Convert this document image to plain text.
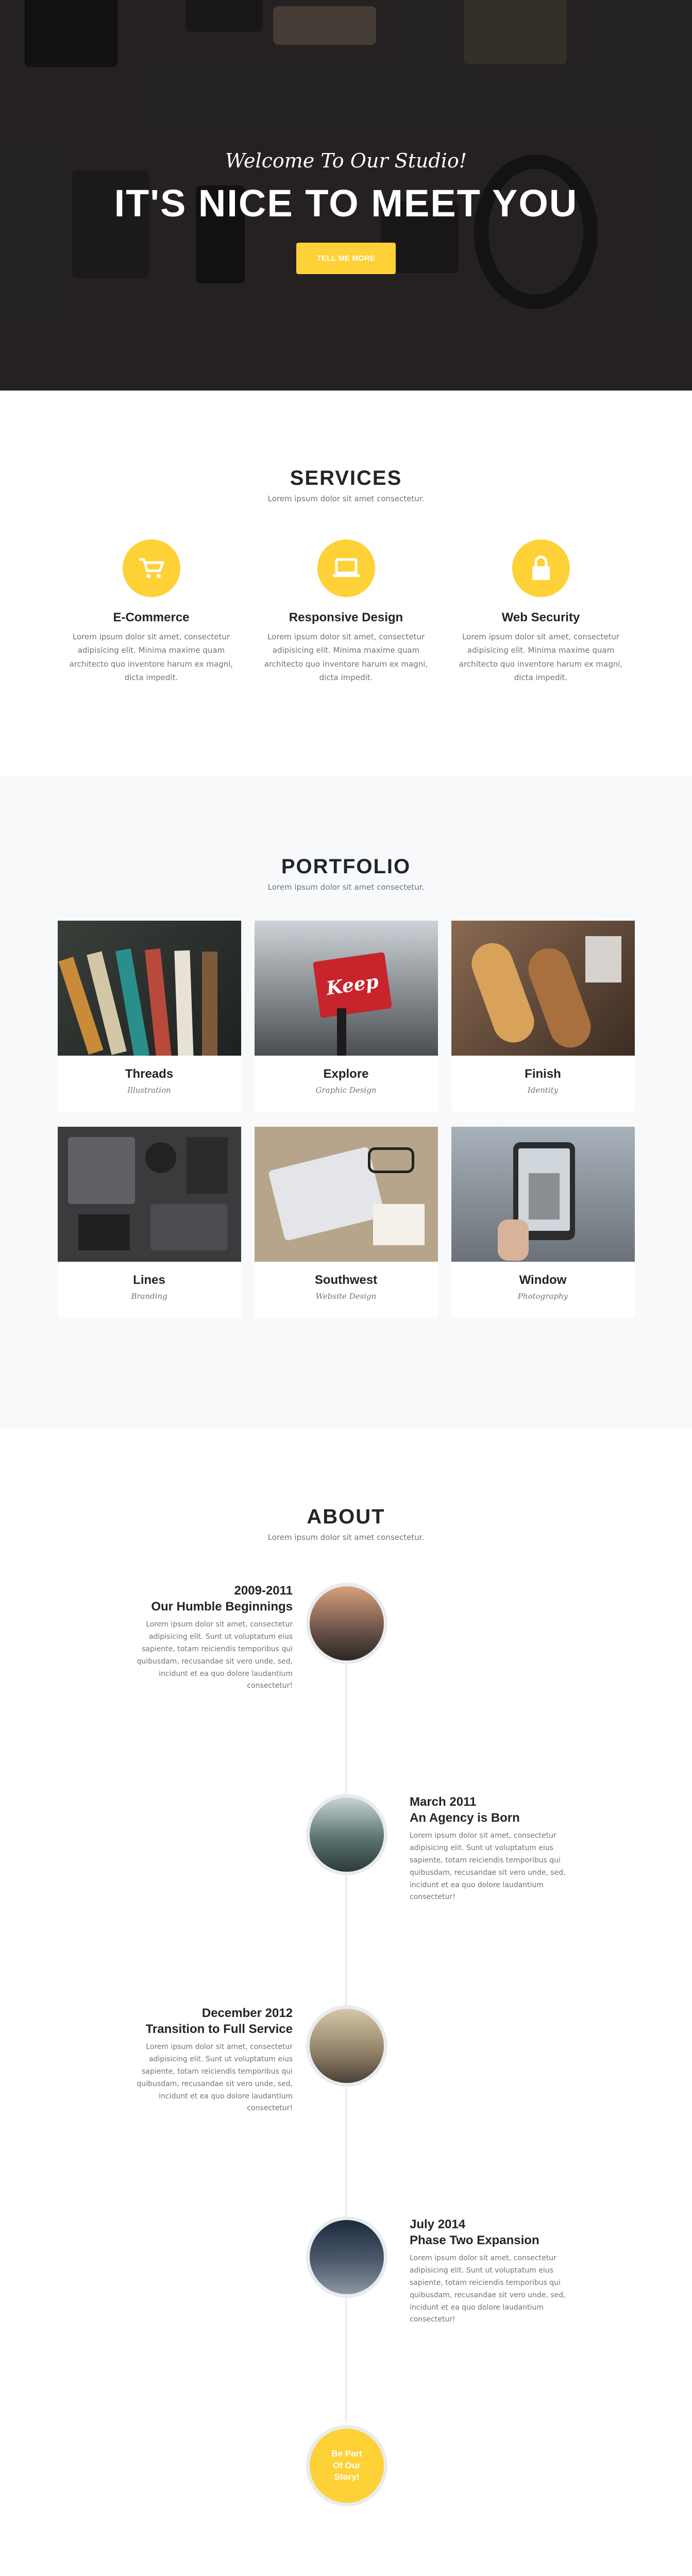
Welcome To Our Studio!
IT'S NICE TO MEET YOU
TELL ME MORE
SERVICES
Lorem ipsum dolor sit amet consectetur.
E-Commerce
Lorem ipsum dolor sit amet, consectetur adipisicing elit. Minima maxime quam architecto quo inventore harum ex magni, dicta impedit.
Responsive Design
Lorem ipsum dolor sit amet, consectetur adipisicing elit. Minima maxime quam architecto quo inventore harum ex magni, dicta impedit.
Web Security
Lorem ipsum dolor sit amet, consectetur adipisicing elit. Minima maxime quam architecto quo inventore harum ex magni, dicta impedit.
PORTFOLIO
Lorem ipsum dolor sit amet consectetur.
Threads
Illustration
Keep
Explore
Graphic Design
Finish
Identity
Lines
Branding
Southwest
Website Design
Window
Photography
ABOUT
Lorem ipsum dolor sit amet consectetur.
2009-2011
Our Humble Beginnings
Lorem ipsum dolor sit amet, consectetur adipisicing elit. Sunt ut voluptatum eius sapiente, totam reiciendis temporibus qui quibusdam, recusandae sit vero unde, sed, incidunt et ea quo dolore laudantium consectetur!
March 2011
An Agency is Born
Lorem ipsum dolor sit amet, consectetur adipisicing elit. Sunt ut voluptatum eius sapiente, totam reiciendis temporibus qui quibusdam, recusandae sit vero unde, sed, incidunt et ea quo dolore laudantium consectetur!
December 2012
Transition to Full Service
Lorem ipsum dolor sit amet, consectetur adipisicing elit. Sunt ut voluptatum eius sapiente, totam reiciendis temporibus qui quibusdam, recusandae sit vero unde, sed, incidunt et ea quo dolore laudantium consectetur!
July 2014
Phase Two Expansion
Lorem ipsum dolor sit amet, consectetur adipisicing elit. Sunt ut voluptatum eius sapiente, totam reiciendis temporibus qui quibusdam, recusandae sit vero unde, sed, incidunt et ea quo dolore laudantium consectetur!
Be Part
Of Our
Story!
